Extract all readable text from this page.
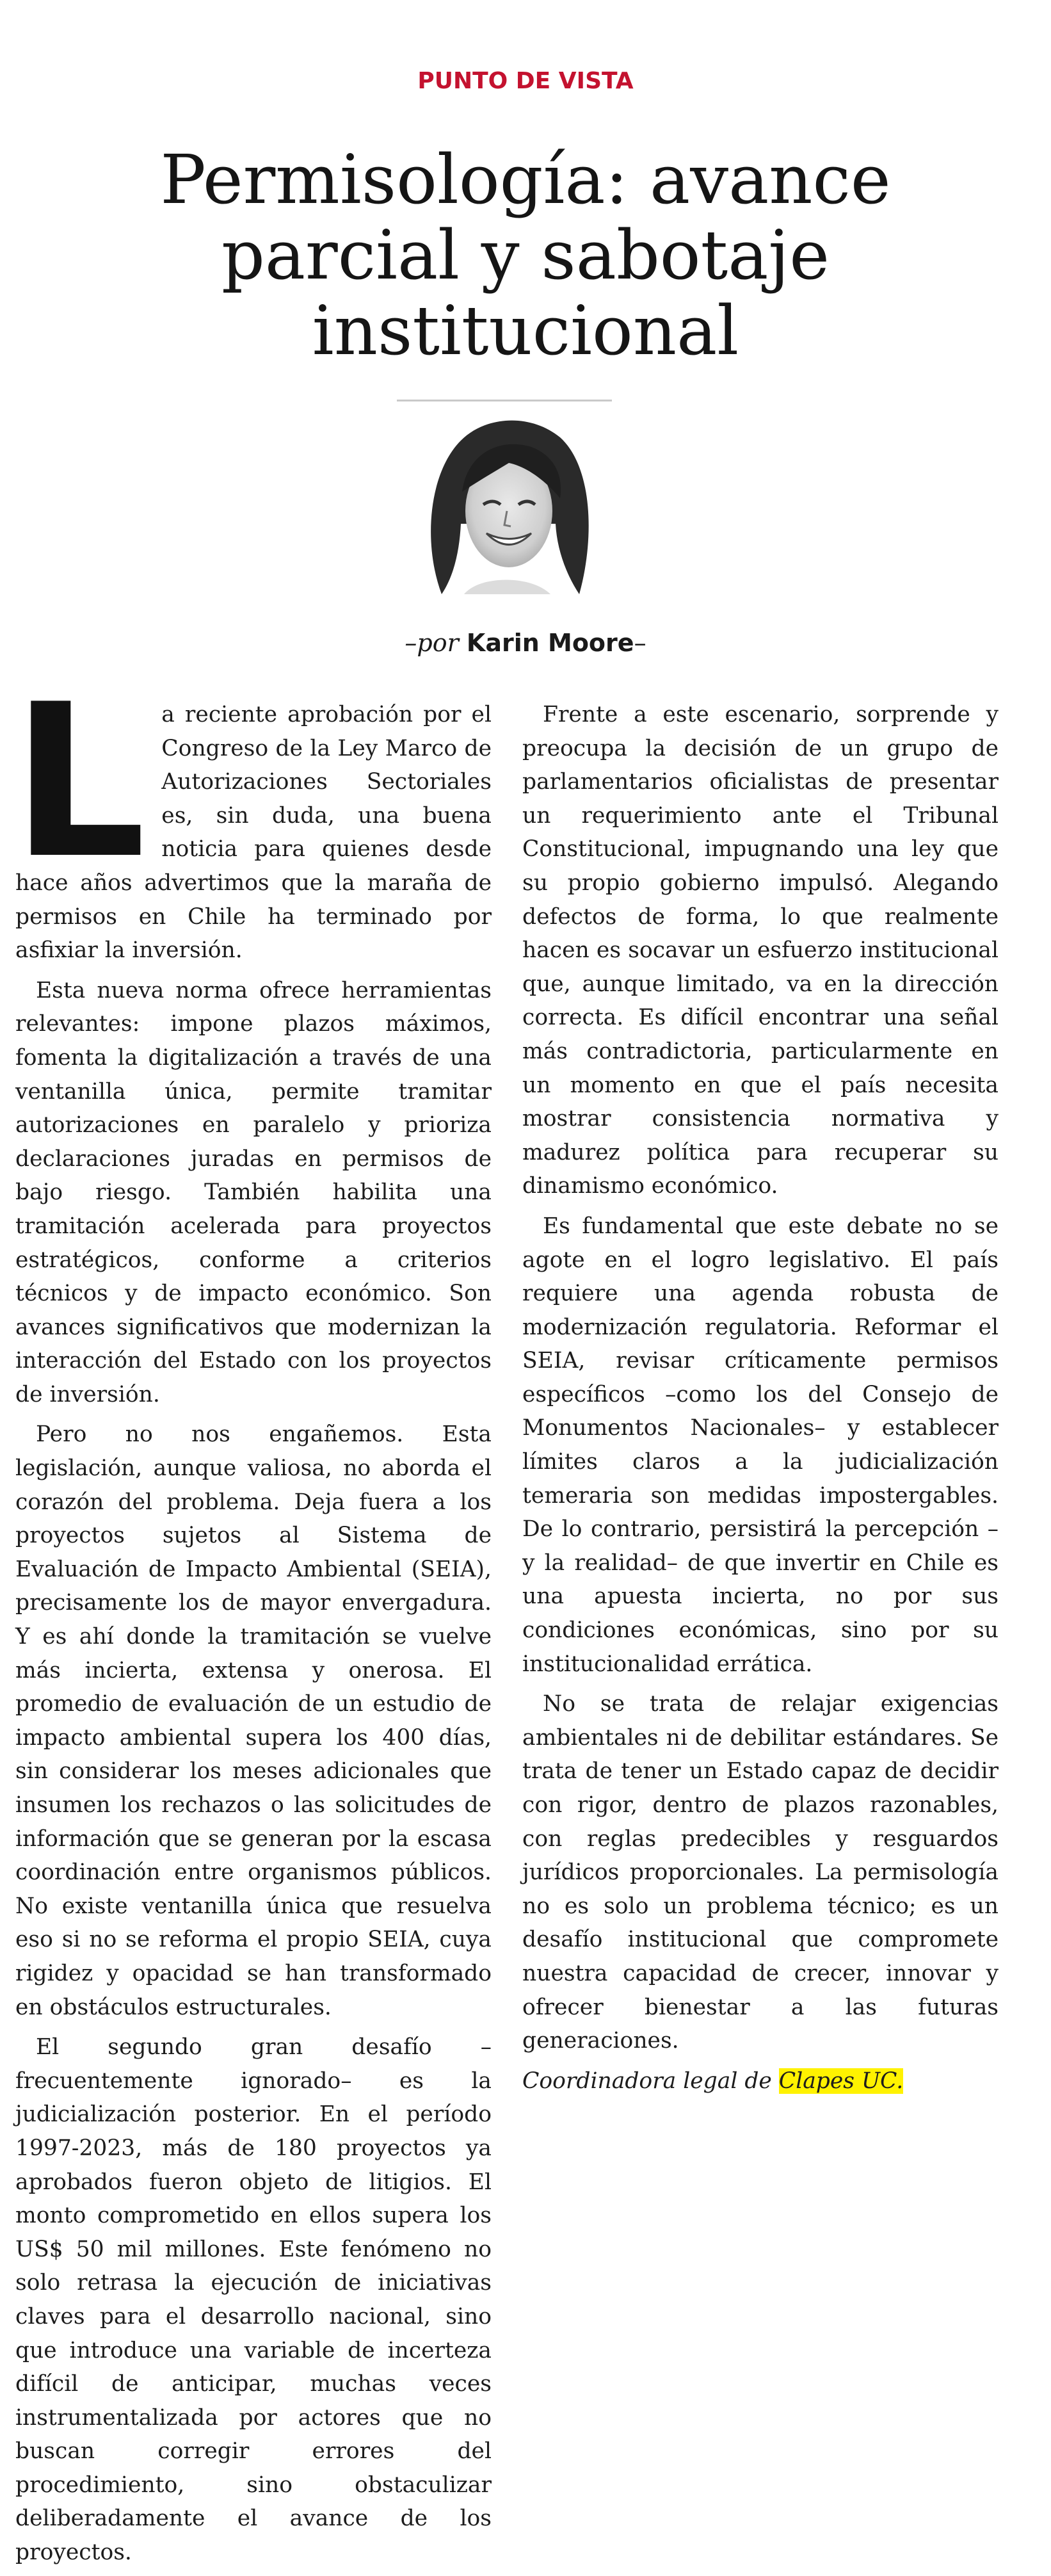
PUNTO DE VISTA
Permisología: avance
parcial y sabotaje
institucional
–por Karin Moore–

La reciente aprobación por el Congreso de la Ley Marco de Autorizaciones Sectoriales es, sin duda, una buena noticia para quienes desde hace años advertimos que la maraña de permisos en Chile ha terminado por asfixiar la inversión.

Esta nueva norma ofrece herramientas relevantes: impone plazos máximos, fomenta la digitalización a través de una ventanilla única, permite tramitar autorizaciones en paralelo y prioriza declaraciones juradas en permisos de bajo riesgo. También habilita una tramitación acelerada para proyectos estratégicos, conforme a criterios técnicos y de impacto económico. Son avances significativos que modernizan la interacción del Estado con los proyectos de inversión.

Pero no nos engañemos. Esta legislación, aunque valiosa, no aborda el corazón del problema. Deja fuera a los proyectos sujetos al Sistema de Evaluación de Impacto Ambiental (SEIA), precisamente los de mayor envergadura. Y es ahí donde la tramitación se vuelve más incierta, extensa y onerosa. El promedio de evaluación de un estudio de impacto ambiental supera los 400 días, sin considerar los meses adicionales que insumen los rechazos o las solicitudes de información que se generan por la escasa coordinación entre organismos públicos. No existe ventanilla única que resuelva eso si no se reforma el propio SEIA, cuya rigidez y opacidad se han transformado en obstáculos estructurales.

El segundo gran desafío –frecuentemente ignorado– es la judicialización posterior. En el período 1997-2023, más de 180 proyectos ya aprobados fueron objeto de litigios. El monto comprometido en ellos supera los US$ 50 mil millones. Este fenómeno no solo retrasa la ejecución de iniciativas claves para el desarrollo nacional, sino que introduce una variable de incerteza difícil de anticipar, muchas veces instrumentalizada por actores que no buscan corregir errores del procedimiento, sino obstaculizar deliberadamente el avance de los proyectos.

Frente a este escenario, sorprende y preocupa la decisión de un grupo de parlamentarios oficialistas de presentar un requerimiento ante el Tribunal Constitucional, impugnando una ley que su propio gobierno impulsó. Alegando defectos de forma, lo que realmente hacen es socavar un esfuerzo institucional que, aunque limitado, va en la dirección correcta. Es difícil encontrar una señal más contradictoria, particularmente en un momento en que el país necesita mostrar consistencia normativa y madurez política para recuperar su dinamismo económico.

Es fundamental que este debate no se agote en el logro legislativo. El país requiere una agenda robusta de modernización regulatoria. Reformar el SEIA, revisar críticamente permisos específicos –como los del Consejo de Monumentos Nacionales– y establecer límites claros a la judicialización temeraria son medidas impostergables. De lo contrario, persistirá la percepción –y la realidad– de que invertir en Chile es una apuesta incierta, no por sus condiciones económicas, sino por su institucionalidad errática.

No se trata de relajar exigencias ambientales ni de debilitar estándares. Se trata de tener un Estado capaz de decidir con rigor, dentro de plazos razonables, con reglas predecibles y resguardos jurídicos proporcionales. La permisología no es solo un problema técnico; es un desafío institucional que compromete nuestra capacidad de crecer, innovar y ofrecer bienestar a las futuras generaciones.

Coordinadora legal de Clapes UC.
